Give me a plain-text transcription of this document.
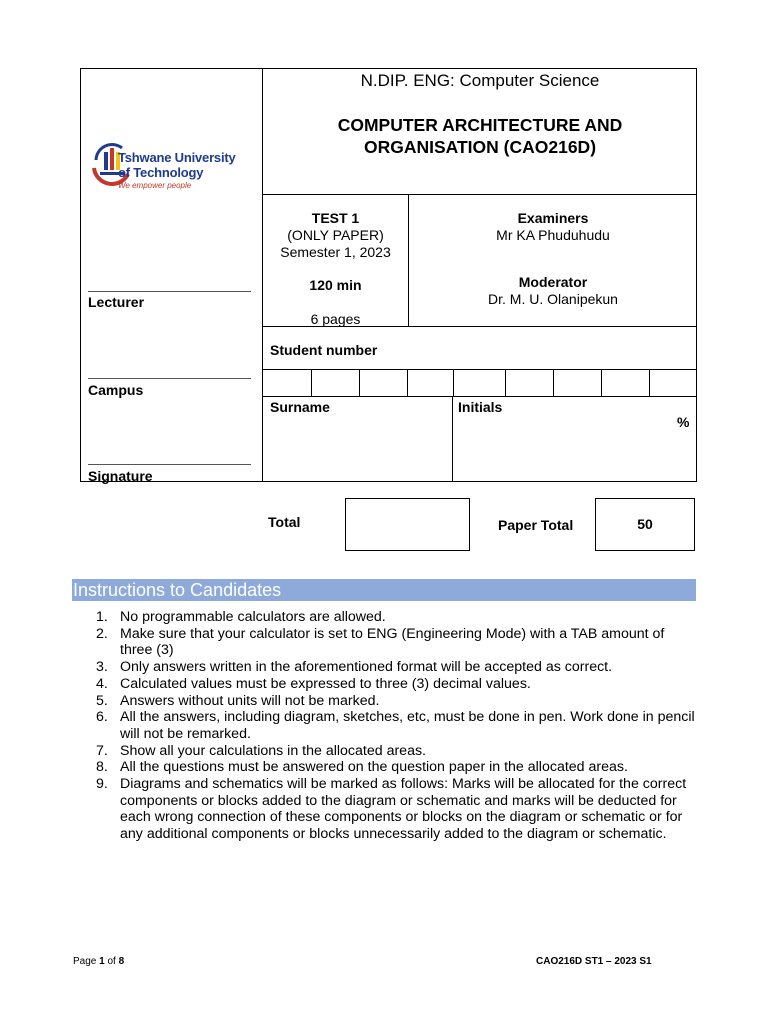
Tshwane University
of Technology
We empower people
N.DIP. ENG: Computer Science
COMPUTER ARCHITECTURE AND
ORGANISATION (CAO216D)
Lecturer
Campus
Signature
TEST 1
(ONLY PAPER)
Semester 1, 2023
120 min
6 pages
Examiners
Mr KA Phuduhudu
Moderator
Dr. M. U. Olanipekun
Student number
Surname	Initials
%
Total	Paper Total	50
Instructions to Candidates
1. No programmable calculators are allowed.
2. Make sure that your calculator is set to ENG (Engineering Mode) with a TAB amount of three (3)
3. Only answers written in the aforementioned format will be accepted as correct.
4. Calculated values must be expressed to three (3) decimal values.
5. Answers without units will not be marked.
6. All the answers, including diagram, sketches, etc, must be done in pen. Work done in pencil will not be remarked.
7. Show all your calculations in the allocated areas.
8. All the questions must be answered on the question paper in the allocated areas.
9. Diagrams and schematics will be marked as follows: Marks will be allocated for the correct components or blocks added to the diagram or schematic and marks will be deducted for each wrong connection of these components or blocks on the diagram or schematic or for any additional components or blocks unnecessarily added to the diagram or schematic.
Page 1 of 8	CAO216D ST1 – 2023 S1
